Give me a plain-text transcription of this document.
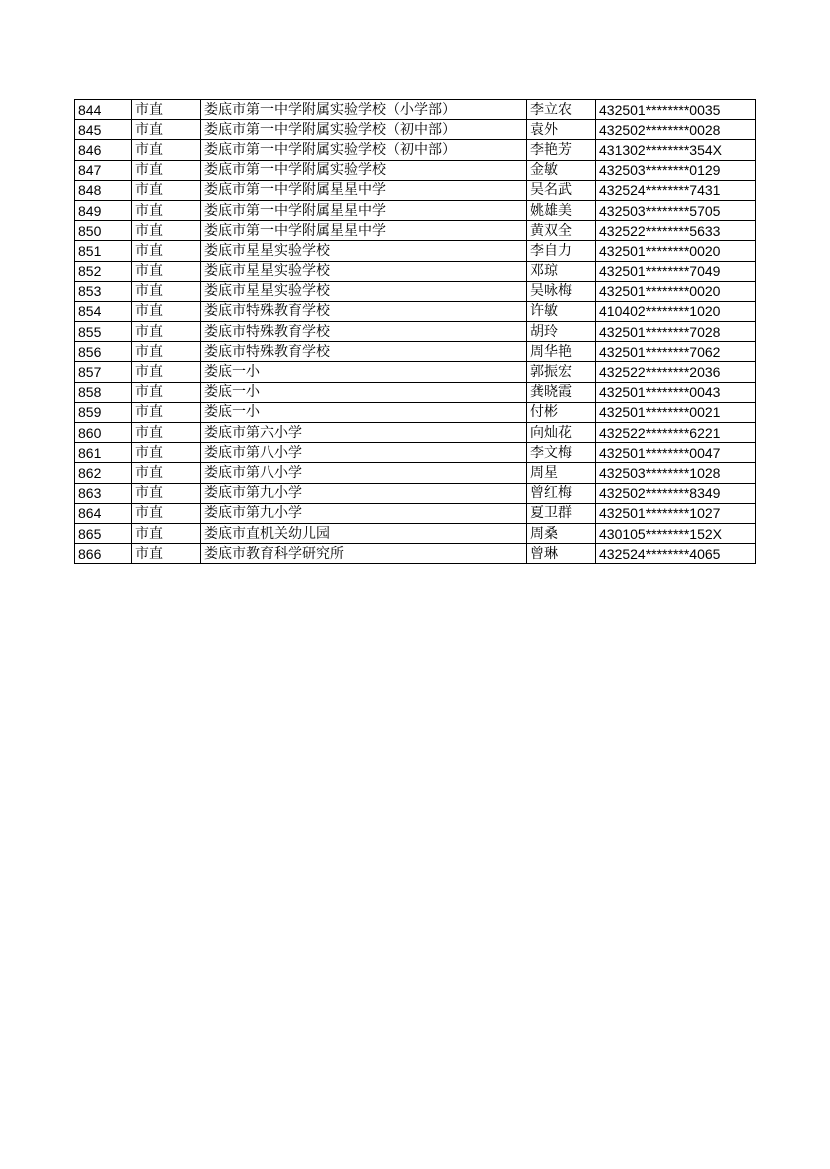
844	市直	娄底市第一中学附属实验学校（小学部）	李立农	432501********0035
845	市直	娄底市第一中学附属实验学校（初中部）	袁外	432502********0028
846	市直	娄底市第一中学附属实验学校（初中部）	李艳芳	431302********354X
847	市直	娄底市第一中学附属实验学校	金敏	432503********0129
848	市直	娄底市第一中学附属星星中学	吴名武	432524********7431
849	市直	娄底市第一中学附属星星中学	姚雄美	432503********5705
850	市直	娄底市第一中学附属星星中学	黄双全	432522********5633
851	市直	娄底市星星实验学校	李自力	432501********0020
852	市直	娄底市星星实验学校	邓琼	432501********7049
853	市直	娄底市星星实验学校	吴咏梅	432501********0020
854	市直	娄底市特殊教育学校	许敏	410402********1020
855	市直	娄底市特殊教育学校	胡玲	432501********7028
856	市直	娄底市特殊教育学校	周华艳	432501********7062
857	市直	娄底一小	郭振宏	432522********2036
858	市直	娄底一小	龚晓霞	432501********0043
859	市直	娄底一小	付彬	432501********0021
860	市直	娄底市第六小学	向灿花	432522********6221
861	市直	娄底市第八小学	李文梅	432501********0047
862	市直	娄底市第八小学	周星	432503********1028
863	市直	娄底市第九小学	曾红梅	432502********8349
864	市直	娄底市第九小学	夏卫群	432501********1027
865	市直	娄底市直机关幼儿园	周桑	430105********152X
866	市直	娄底市教育科学研究所	曾琳	432524********4065
